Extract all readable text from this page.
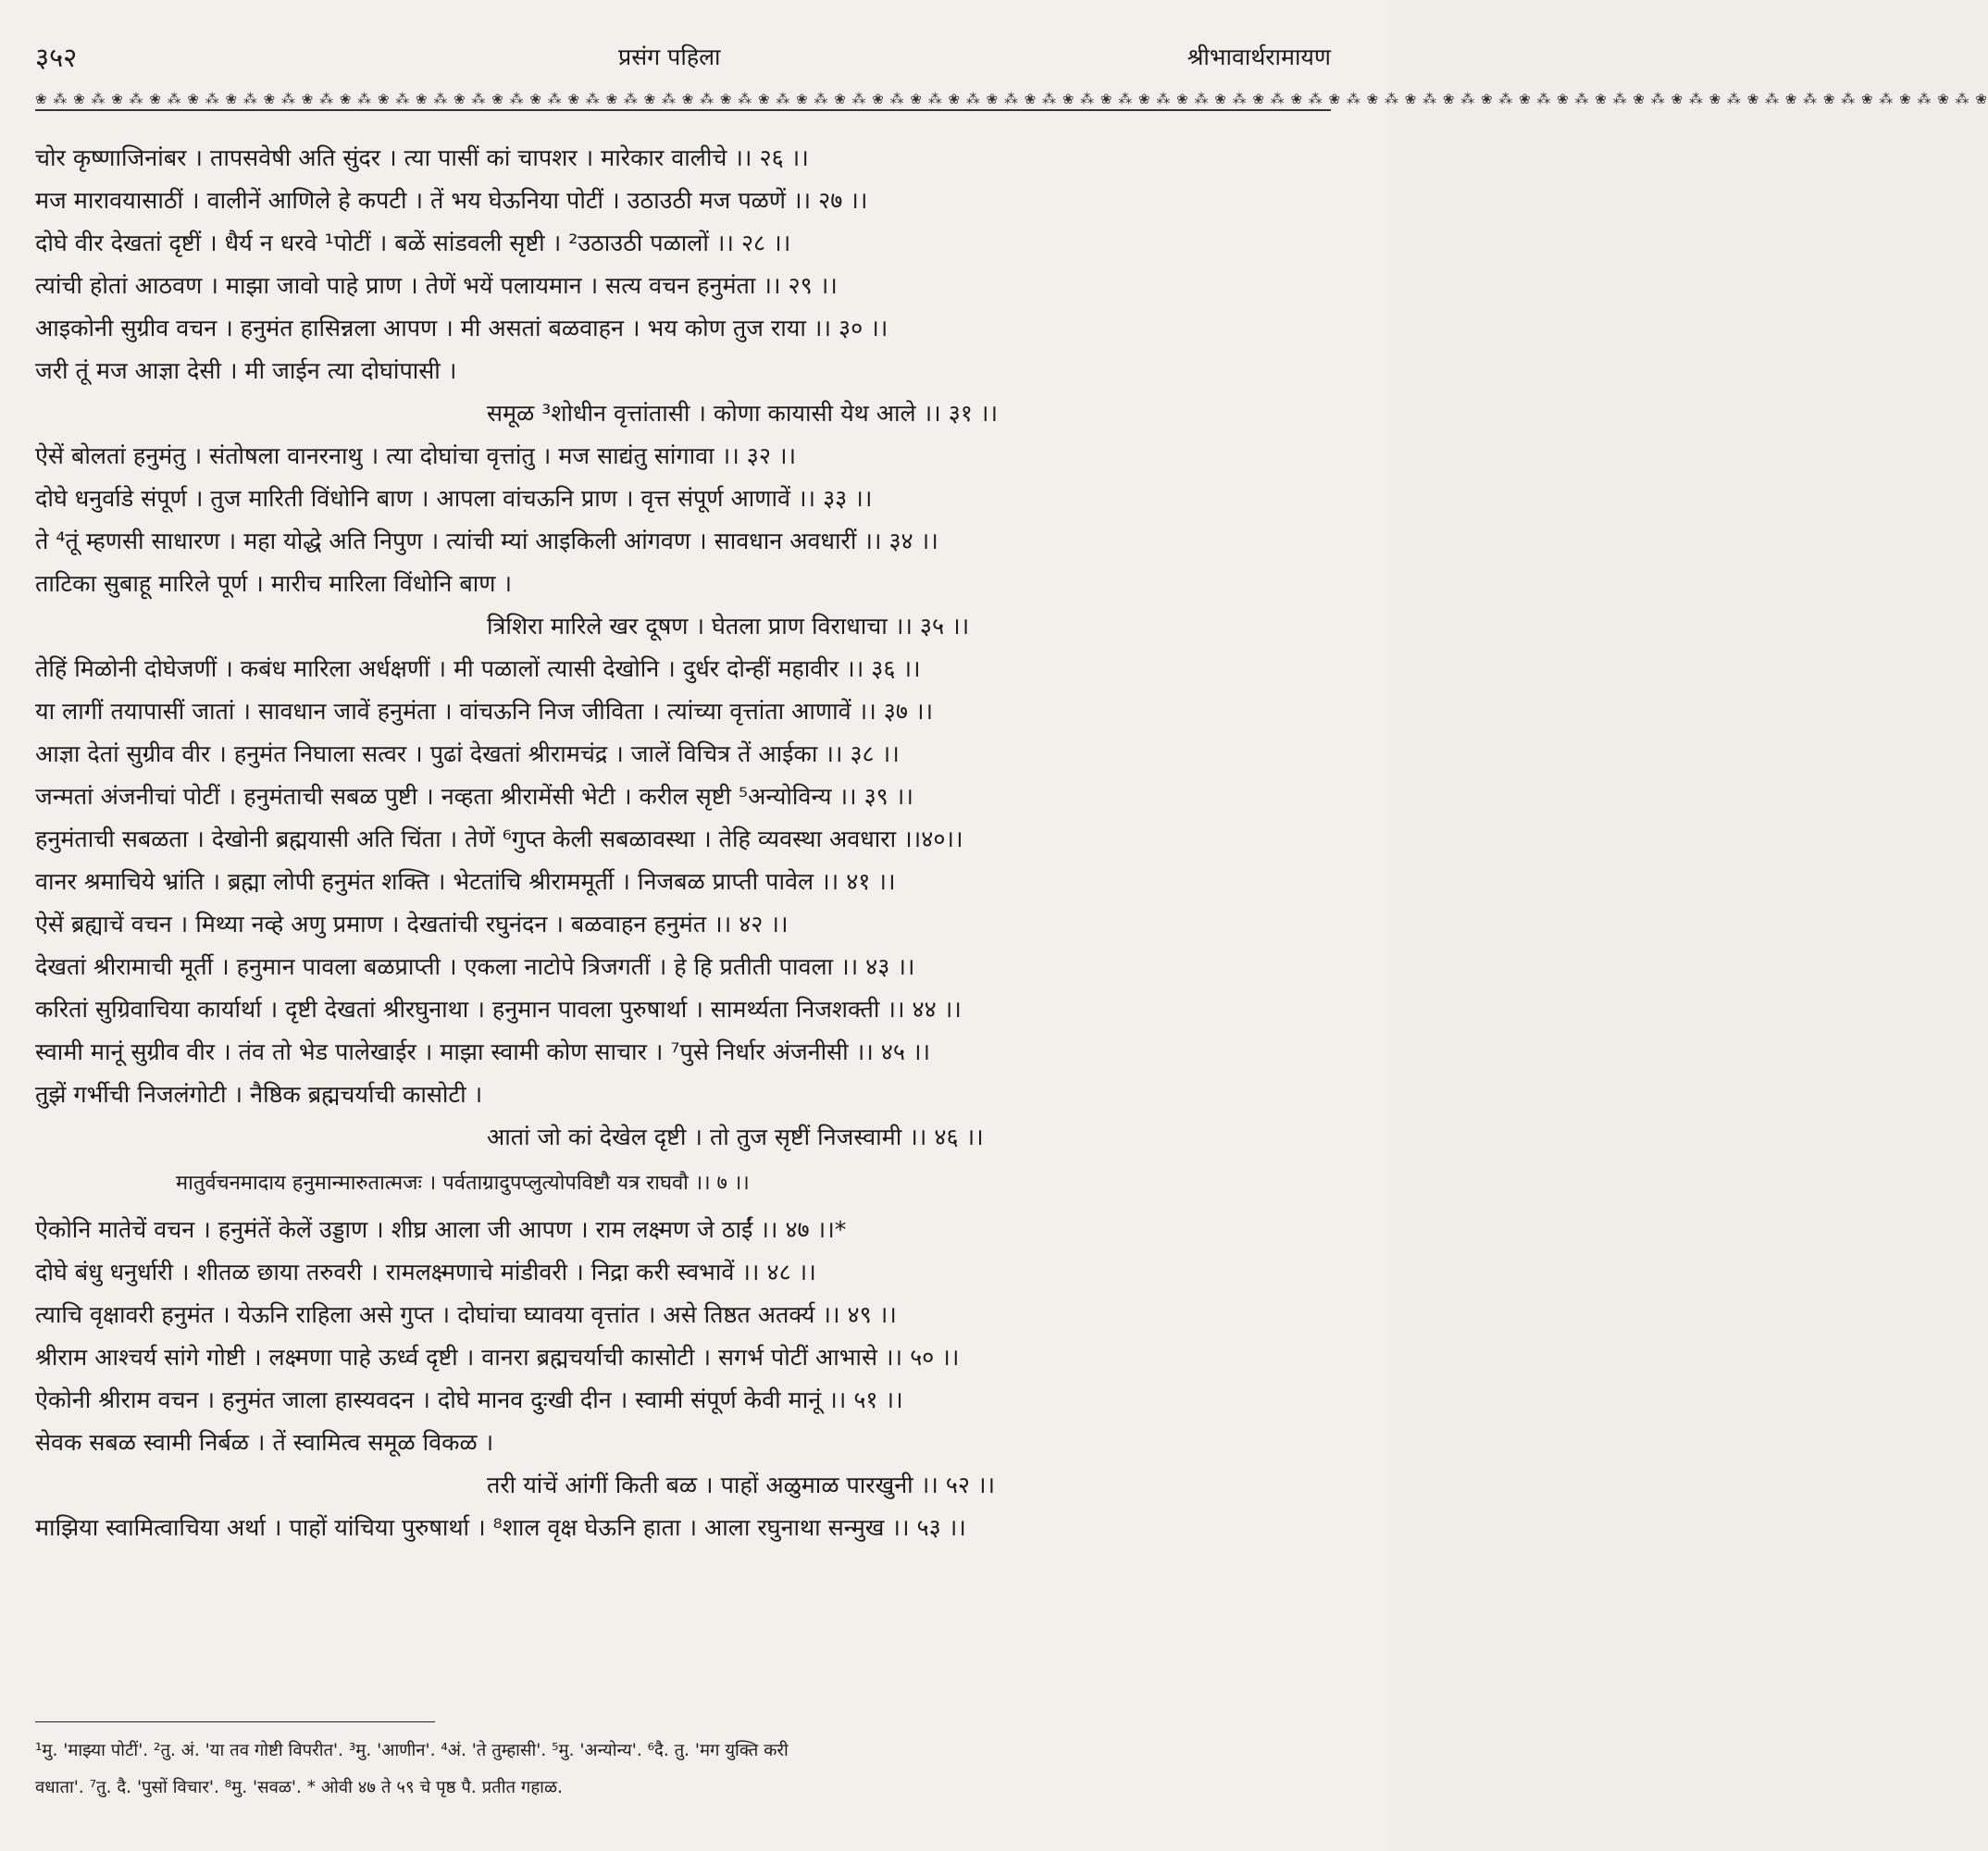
३५२	प्रसंग पहिला	श्रीभावार्थरामायण
❀ ⁂ ❀ ⁂ ❀ ⁂ ❀ ⁂ ❀ ⁂ ❀ ⁂ ❀ ⁂ ❀ ⁂ ❀ ⁂ ❀ ⁂ ❀ ⁂ ❀ ⁂ ❀ ⁂ ❀ ⁂ ❀ ⁂ ❀ ⁂ ❀ ⁂ ❀ ⁂ ❀ ⁂ ❀ ⁂ ❀ ⁂ ❀ ⁂ ❀ ⁂ ❀ ⁂ ❀ ⁂ ❀ ⁂ ❀ ⁂ ❀ ⁂ ❀ ⁂ ❀ ⁂ ❀ ⁂ ❀ ⁂ ❀ ⁂ ❀ ⁂ ❀ ⁂ ❀ ⁂ ❀ ⁂ ❀ ⁂ ❀ ⁂ ❀ ⁂ ❀ ⁂ ❀ ⁂ ❀ ⁂ ❀ ⁂ ❀ ⁂ ❀ ⁂ ❀ ⁂ ❀ ⁂ ❀ ⁂ ❀ ⁂ ❀ ⁂ ❀
चोर कृष्णाजिनांबर । तापसवेषी अति सुंदर । त्या पासीं कां चापशर । मारेकार वालीचे ।। २६ ।।
मज मारावयासाठीं । वालीनें आणिले हे कपटी । तें भय घेऊनिया पोटीं । उठाउठी मज पळणें ।। २७ ।।
दोघे वीर देखतां दृष्टीं । धैर्य न धरवे ¹पोटीं । बळें सांडवली सृष्टी । ²उठाउठी पळालों ।। २८ ।।
त्यांची होतां आठवण । माझा जावो पाहे प्राण । तेणें भयें पलायमान । सत्य वचन हनुमंता ।। २९ ।।
आइकोनी सुग्रीव वचन । हनुमंत हासिन्नला आपण । मी असतां बळवाहन । भय कोण तुज राया ।। ३० ।।
जरी तूं मज आज्ञा देसी । मी जाईन त्या दोघांपासी ।
समूळ ³शोधीन वृत्तांतासी । कोणा कायासी येथ आले ।। ३१ ।।
ऐसें बोलतां हनुमंतु । संतोषला वानरनाथु । त्या दोघांचा वृत्तांतु । मज साद्यंतु सांगावा ।। ३२ ।।
दोघे धनुर्वाडे संपूर्ण । तुज मारिती विंधोनि बाण । आपला वांचऊनि प्राण । वृत्त संपूर्ण आणावें ।। ३३ ।।
ते ⁴तूं म्हणसी साधारण । महा योद्धे अति निपुण । त्यांची म्यां आइकिली आंगवण । सावधान अवधारीं ।। ३४ ।।
ताटिका सुबाहू मारिले पूर्ण । मारीच मारिला विंधोनि बाण ।
त्रिशिरा मारिले खर दूषण । घेतला प्राण विराधाचा ।। ३५ ।।
तेहिं मिळोनी दोघेजणीं । कबंध मारिला अर्धक्षणीं । मी पळालों त्यासी देखोनि । दुर्धर दोन्हीं महावीर ।। ३६ ।।
या लागीं तयापासीं जातां । सावधान जावें हनुमंता । वांचऊनि निज जीविता । त्यांच्या वृत्तांता आणावें ।। ३७ ।।
आज्ञा देतां सुग्रीव वीर । हनुमंत निघाला सत्वर । पुढां देखतां श्रीरामचंद्र । जालें विचित्र तें आईका ।। ३८ ।।
जन्मतां अंजनीचां पोटीं । हनुमंताची सबळ पुष्टी । नव्हता श्रीरामेंसी भेटी । करील सृष्टी ⁵अन्योविन्य ।। ३९ ।।
हनुमंताची सबळता । देखोनी ब्रह्मयासी अति चिंता । तेणें ⁶गुप्त केली सबळावस्था । तेहि व्यवस्था अवधारा ।।४०।।
वानर श्रमाचिये भ्रांति । ब्रह्मा लोपी हनुमंत शक्ति । भेटतांचि श्रीराममूर्ती । निजबळ प्राप्ती पावेल ।। ४१ ।।
ऐसें ब्रह्याचें वचन । मिथ्या नव्हे अणु प्रमाण । देखतांची रघुनंदन । बळवाहन हनुमंत ।। ४२ ।।
देखतां श्रीरामाची मूर्ती । हनुमान पावला बळप्राप्ती । एकला नाटोपे त्रिजगतीं । हे हि प्रतीती पावला ।। ४३ ।।
करितां सुग्रिवाचिया कार्यार्था । दृष्टी देखतां श्रीरघुनाथा । हनुमान पावला पुरुषार्था । सामर्थ्यता निजशक्ती ।। ४४ ।।
स्वामी मानूं सुग्रीव वीर । तंव तो भेड पालेखाईर । माझा स्वामी कोण साचार । ⁷पुसे निर्धार अंजनीसी ।। ४५ ।।
तुझें गर्भीची निजलंगोटी । नैष्ठिक ब्रह्मचर्याची कासोटी ।
आतां जो कां देखेल दृष्टी । तो तुज सृष्टीं निजस्वामी ।। ४६ ।।
मातुर्वचनमादाय हनुमान्मारुतात्मजः । पर्वताग्रादुपप्लुत्योपविष्टौ यत्र राघवौ ।। ७ ।।
ऐकोनि मातेचें वचन । हनुमंतें केलें उड्डाण । शीघ्र आला जी आपण । राम लक्ष्मण जे ठाईं ।। ४७ ।।*
दोघे बंधु धनुर्धारी । शीतळ छाया तरुवरी । रामलक्ष्मणाचे मांडीवरी । निद्रा करी स्वभावें ।। ४८ ।।
त्याचि वृक्षावरी हनुमंत । येऊनि राहिला असे गुप्त । दोघांचा घ्यावया वृत्तांत । असे तिष्ठत अतर्क्य ।। ४९ ।।
श्रीराम आश्चर्य सांगे गोष्टी । लक्ष्मणा पाहे ऊर्ध्व दृष्टी । वानरा ब्रह्मचर्याची कासोटी । सगर्भ पोटीं आभासे ।। ५० ।।
ऐकोनी श्रीराम वचन । हनुमंत जाला हास्यवदन । दोघे मानव दुःखी दीन । स्वामी संपूर्ण केवी मानूं ।। ५१ ।।
सेवक सबळ स्वामी निर्बळ । तें स्वामित्व समूळ विकळ ।
तरी यांचें आंगीं किती बळ । पाहों अळुमाळ पारखुनी ।। ५२ ।।
माझिया स्वामित्वाचिया अर्था । पाहों यांचिया पुरुषार्था । ⁸शाल वृक्ष घेऊनि हाता । आला रघुनाथा सन्मुख ।। ५३ ।।
¹मु. 'माझ्या पोटीं'. ²तु. अं. 'या तव गोष्टी विपरीत'. ³मु. 'आणीन'. ⁴अं. 'ते तुम्हासी'. ⁵मु. 'अन्योन्य'. ⁶दै. तु. 'मग युक्ति करी
वधाता'. ⁷तु. दै. 'पुसों विचार'. ⁸मु. 'सवळ'. * ओवी ४७ ते ५९ चे पृष्ठ पै. प्रतीत गहाळ.
